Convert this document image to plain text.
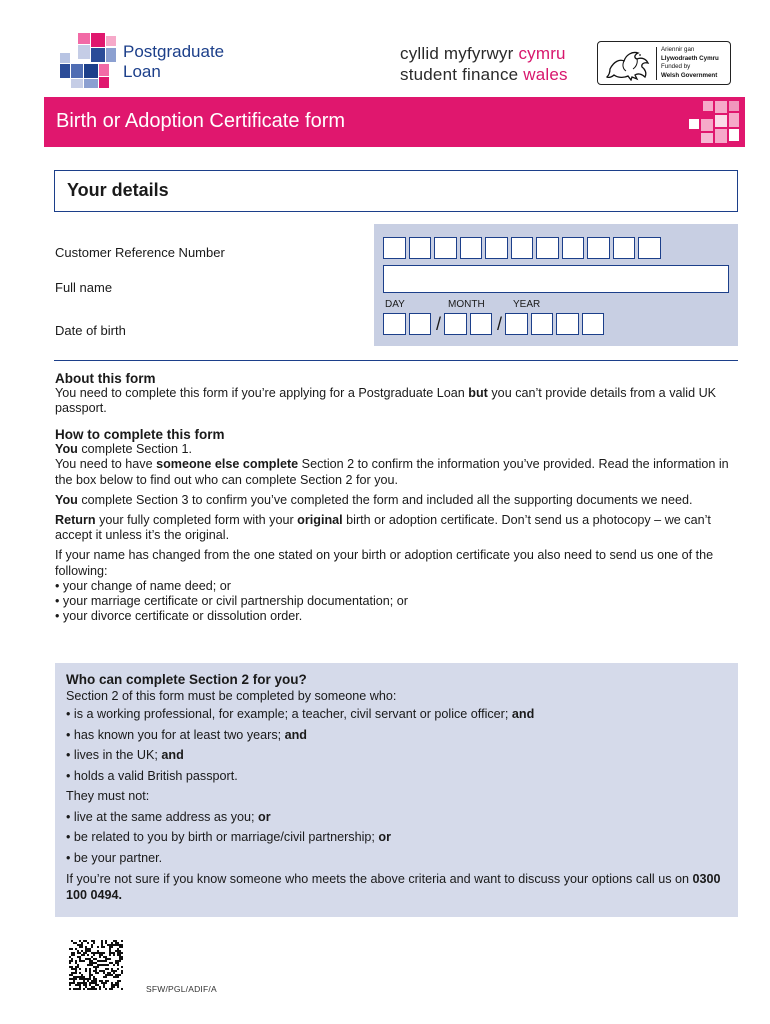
Postgraduate
Loan
cyllid myfyrwyr cymru
student finance wales
Ariennir gan
Llywodraeth Cymru
Funded by
Welsh Government
Birth or Adoption Certificate form
Your details
Customer Reference Number
Full name
Date of birth
DAY	MONTH	YEAR
/	/
About this form
You need to complete this form if you’re applying for a Postgraduate Loan but you can’t provide details from a valid UK passport.
How to complete this form
You complete Section 1.
You need to have someone else complete Section 2 to confirm the information you’ve provided. Read the information in the box below to find out who can complete Section 2 for you.
You complete Section 3 to confirm you’ve completed the form and included all the supporting documents we need.
Return your fully completed form with your original birth or adoption certificate. Don’t send us a photocopy – we can’t accept it unless it’s the original.
If your name has changed from the one stated on your birth or adoption certificate you also need to send us one of the following:
• your change of name deed; or
• your marriage certificate or civil partnership documentation; or
• your divorce certificate or dissolution order.
Who can complete Section 2 for you?
Section 2 of this form must be completed by someone who:
• is a working professional, for example; a teacher, civil servant or police officer; and
• has known you for at least two years; and
• lives in the UK; and
• holds a valid British passport.
They must not:
• live at the same address as you; or
• be related to you by birth or marriage/civil partnership; or
• be your partner.
If you’re not sure if you know someone who meets the above criteria and want to discuss your options call us on 0300 100 0494.
SFW/PGL/ADIF/A
